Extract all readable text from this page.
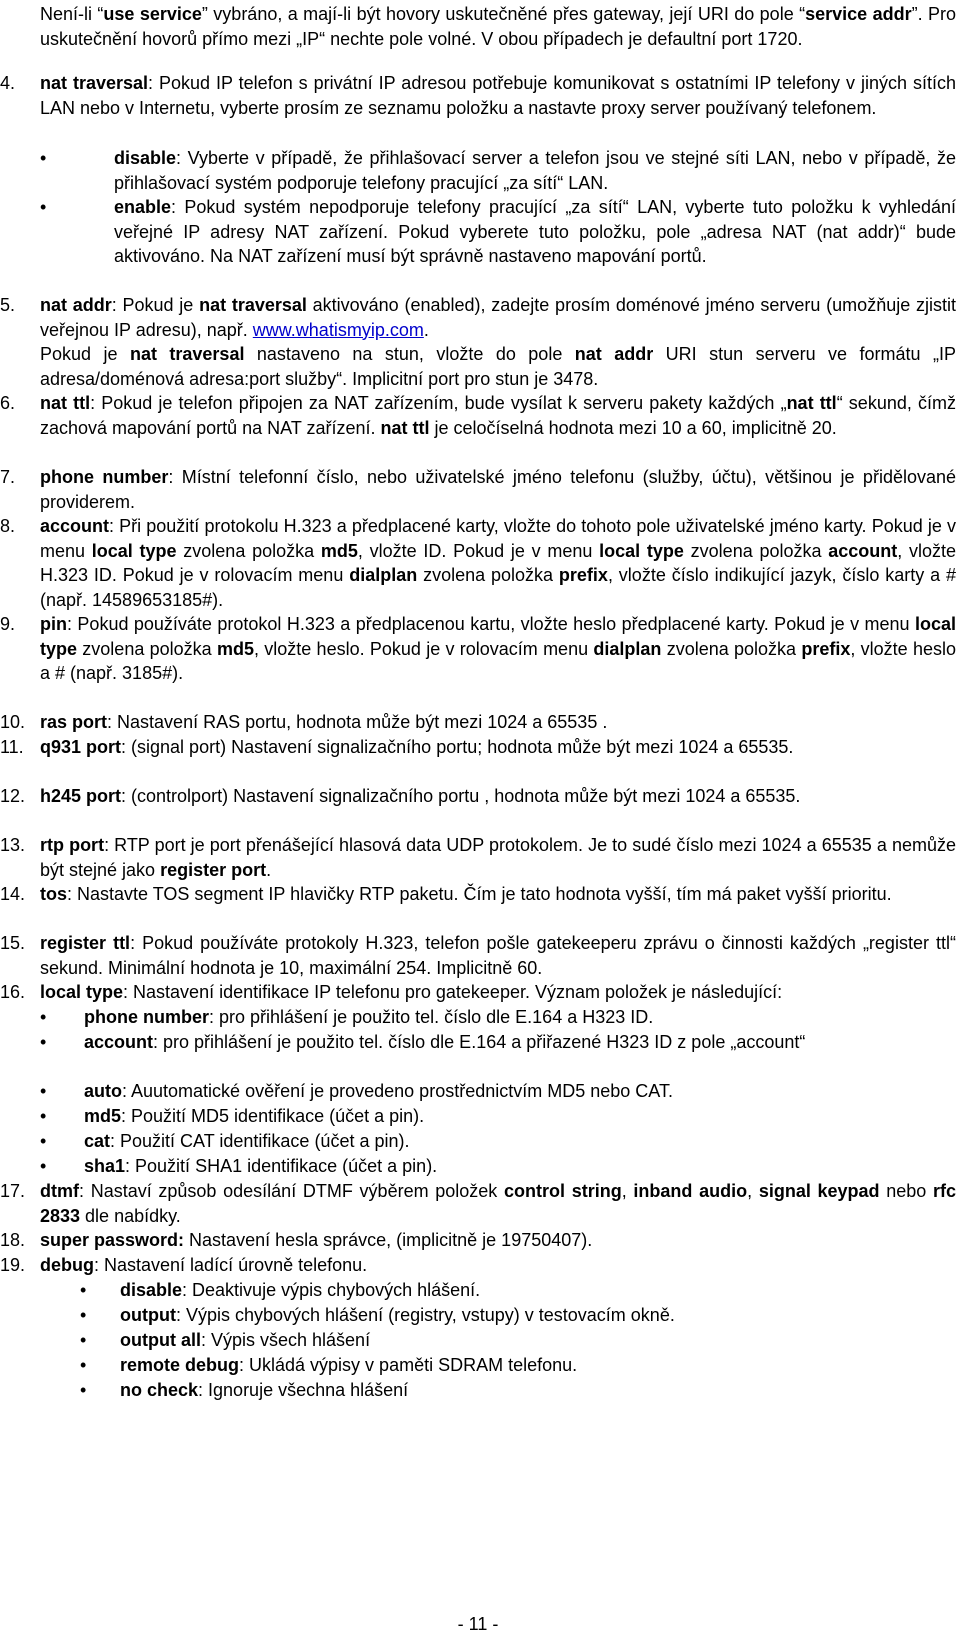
Není-li “use service” vybráno, a mají-li být hovory uskutečněné přes gateway, její URI do pole “service addr”. Pro uskutečnění hovorů přímo mezi „IP“ nechte pole volné. V obou případech je defaultní port 1720.

4.	nat traversal: Pokud IP telefon s privátní IP adresou potřebuje komunikovat s ostatními IP telefony v jiných sítích LAN nebo v Internetu, vyberte prosím ze seznamu položku a nastavte proxy server používaný telefonem.
•	disable: Vyberte v případě, že přihlašovací server a telefon jsou ve stejné síti LAN, nebo v případě, že přihlašovací systém podporuje telefony pracující „za sítí“ LAN.
•	enable: Pokud systém nepodporuje telefony pracující „za sítí“ LAN, vyberte tuto položku k vyhledání veřejné IP adresy NAT zařízení. Pokud vyberete tuto položku, pole „adresa NAT (nat addr)“ bude aktivováno. Na NAT zařízení musí být správně nastaveno mapování portů.
5.	nat addr: Pokud je nat traversal aktivováno (enabled), zadejte prosím doménové jméno serveru (umožňuje zjistit veřejnou IP adresu), např. www.whatismyip.com.

Pokud je nat traversal nastaveno na stun, vložte do pole nat addr URI stun serveru ve formátu „IP adresa/doménová adresa:port služby“. Implicitní port pro stun je 3478.

6.	nat ttl: Pokud je telefon připojen za NAT zařízením, bude vysílat k serveru pakety každých „nat ttl“ sekund, čímž zachová mapování portů na NAT zařízení. nat ttl je celočíselná hodnota mezi 10 a 60, implicitně 20.
7.	phone number: Místní telefonní číslo, nebo uživatelské jméno telefonu (služby, účtu), většinou je přidělované providerem.
8.	account: Při použití protokolu H.323 a předplacené karty, vložte do tohoto pole uživatelské jméno karty. Pokud je v menu local type zvolena položka md5, vložte ID. Pokud je v menu local type zvolena položka account, vložte H.323 ID. Pokud je v rolovacím menu dialplan zvolena položka prefix, vložte číslo indikující jazyk, číslo karty a # (např. 14589653185#).
9.	pin: Pokud používáte protokol H.323 a předplacenou kartu, vložte heslo předplacené karty. Pokud je v menu local type zvolena položka md5, vložte heslo. Pokud je v rolovacím menu dialplan zvolena položka prefix, vložte heslo a # (např. 3185#).
10. ras port: Nastavení RAS portu, hodnota může být mezi 1024 a 65535 .
11. q931 port: (signal port) Nastavení signalizačního portu; hodnota může být mezi 1024 a 65535.
12. h245 port: (controlport) Nastavení signalizačního portu , hodnota může být mezi 1024 a 65535.
13. rtp port: RTP port je port přenášející hlasová data UDP protokolem. Je to sudé číslo mezi 1024 a 65535 a nemůže být stejné jako register port.
14. tos: Nastavte TOS segment IP hlavičky RTP paketu. Čím je tato hodnota vyšší, tím má paket vyšší prioritu.
15. register ttl: Pokud používáte protokoly H.323, telefon pošle gatekeeperu zprávu o činnosti každých „register ttl“ sekund. Minimální hodnota je 10, maximální 254. Implicitně 60.
16. local type: Nastavení identifikace IP telefonu pro gatekeeper. Význam položek je následující:
• phone number: pro přihlášení je použito tel. číslo dle E.164 a H323 ID.
• account: pro přihlášení je použito tel. číslo dle E.164 a přiřazené H323 ID z pole „account“
• auto: Auutomatické ověření je provedeno prostřednictvím MD5 nebo CAT.
• md5: Použití MD5 identifikace (účet a pin).
• cat: Použití CAT identifikace (účet a pin).
• sha1: Použití SHA1 identifikace (účet a pin).
17. dtmf: Nastaví způsob odesílání DTMF výběrem položek control string, inband audio, signal keypad nebo rfc 2833 dle nabídky.
18. super password: Nastavení hesla správce, (implicitně je 19750407).
19. debug: Nastavení ladící úrovně telefonu.
• disable: Deaktivuje výpis chybových hlášení.
• output: Výpis chybových hlášení (registry, vstupy) v testovacím okně.
• output all: Výpis všech hlášení
• remote debug: Ukládá výpisy v paměti SDRAM telefonu.
• no check: Ignoruje všechna hlášení
- 11 -
